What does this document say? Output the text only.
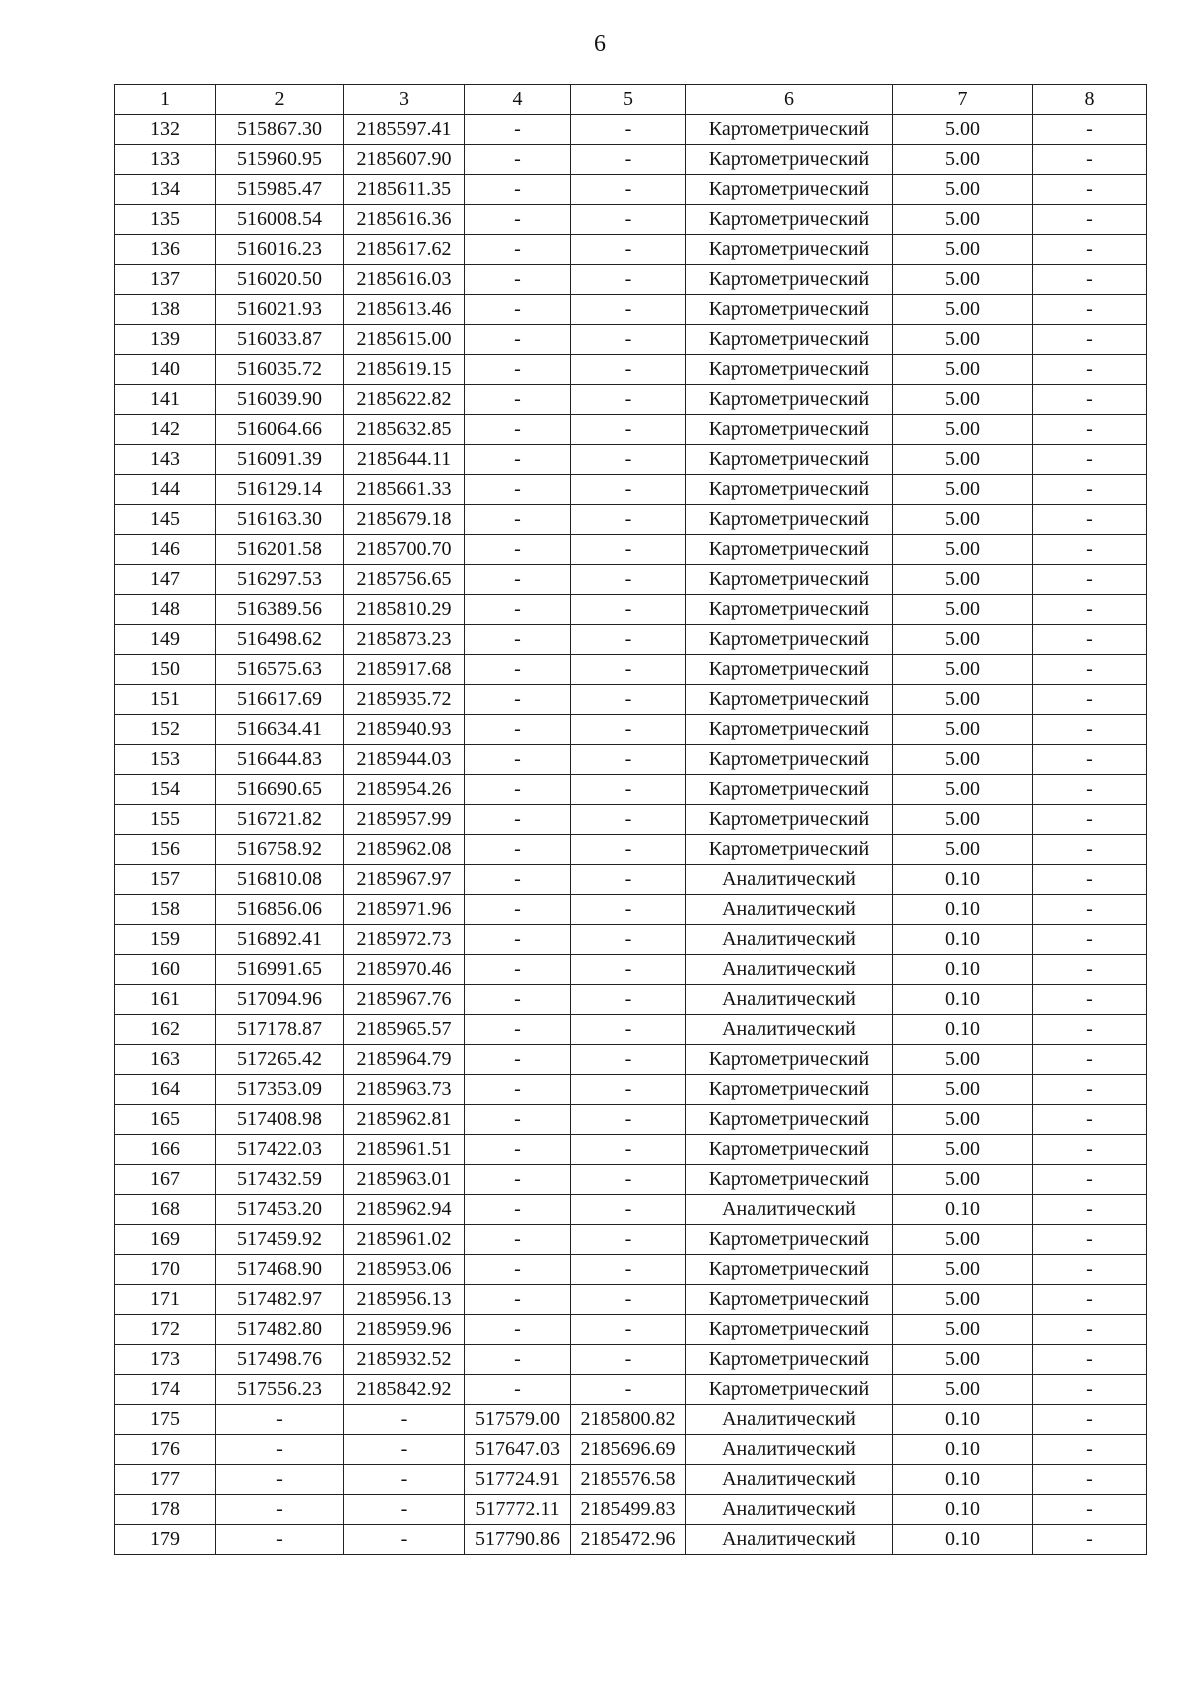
6
1	2	3	4	5	6	7	8
132	515867.30	2185597.41	-	-	Картометрический	5.00	-
133	515960.95	2185607.90	-	-	Картометрический	5.00	-
134	515985.47	2185611.35	-	-	Картометрический	5.00	-
135	516008.54	2185616.36	-	-	Картометрический	5.00	-
136	516016.23	2185617.62	-	-	Картометрический	5.00	-
137	516020.50	2185616.03	-	-	Картометрический	5.00	-
138	516021.93	2185613.46	-	-	Картометрический	5.00	-
139	516033.87	2185615.00	-	-	Картометрический	5.00	-
140	516035.72	2185619.15	-	-	Картометрический	5.00	-
141	516039.90	2185622.82	-	-	Картометрический	5.00	-
142	516064.66	2185632.85	-	-	Картометрический	5.00	-
143	516091.39	2185644.11	-	-	Картометрический	5.00	-
144	516129.14	2185661.33	-	-	Картометрический	5.00	-
145	516163.30	2185679.18	-	-	Картометрический	5.00	-
146	516201.58	2185700.70	-	-	Картометрический	5.00	-
147	516297.53	2185756.65	-	-	Картометрический	5.00	-
148	516389.56	2185810.29	-	-	Картометрический	5.00	-
149	516498.62	2185873.23	-	-	Картометрический	5.00	-
150	516575.63	2185917.68	-	-	Картометрический	5.00	-
151	516617.69	2185935.72	-	-	Картометрический	5.00	-
152	516634.41	2185940.93	-	-	Картометрический	5.00	-
153	516644.83	2185944.03	-	-	Картометрический	5.00	-
154	516690.65	2185954.26	-	-	Картометрический	5.00	-
155	516721.82	2185957.99	-	-	Картометрический	5.00	-
156	516758.92	2185962.08	-	-	Картометрический	5.00	-
157	516810.08	2185967.97	-	-	Аналитический	0.10	-
158	516856.06	2185971.96	-	-	Аналитический	0.10	-
159	516892.41	2185972.73	-	-	Аналитический	0.10	-
160	516991.65	2185970.46	-	-	Аналитический	0.10	-
161	517094.96	2185967.76	-	-	Аналитический	0.10	-
162	517178.87	2185965.57	-	-	Аналитический	0.10	-
163	517265.42	2185964.79	-	-	Картометрический	5.00	-
164	517353.09	2185963.73	-	-	Картометрический	5.00	-
165	517408.98	2185962.81	-	-	Картометрический	5.00	-
166	517422.03	2185961.51	-	-	Картометрический	5.00	-
167	517432.59	2185963.01	-	-	Картометрический	5.00	-
168	517453.20	2185962.94	-	-	Аналитический	0.10	-
169	517459.92	2185961.02	-	-	Картометрический	5.00	-
170	517468.90	2185953.06	-	-	Картометрический	5.00	-
171	517482.97	2185956.13	-	-	Картометрический	5.00	-
172	517482.80	2185959.96	-	-	Картометрический	5.00	-
173	517498.76	2185932.52	-	-	Картометрический	5.00	-
174	517556.23	2185842.92	-	-	Картометрический	5.00	-
175	-	-	517579.00	2185800.82	Аналитический	0.10	-
176	-	-	517647.03	2185696.69	Аналитический	0.10	-
177	-	-	517724.91	2185576.58	Аналитический	0.10	-
178	-	-	517772.11	2185499.83	Аналитический	0.10	-
179	-	-	517790.86	2185472.96	Аналитический	0.10	-
